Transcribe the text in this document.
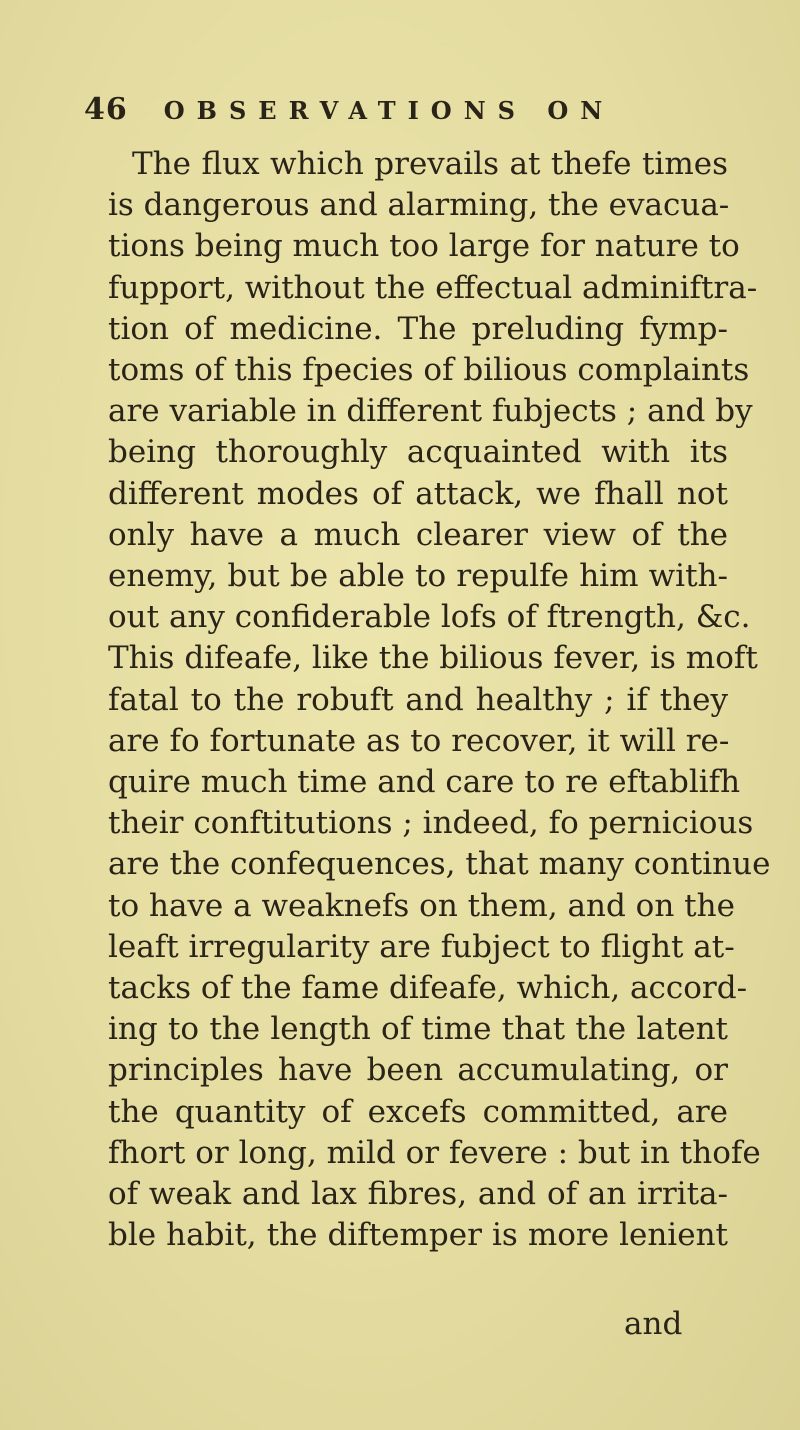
46 OBSERVATIONS ON

The flux which prevails at thefe times
is dangerous and alarming, the evacua-
tions being much too large for nature to
fupport, without the effectual adminiftra-
tion of medicine. The preluding fymp-
toms of this fpecies of bilious complaints
are variable in different fubjects ; and by
being thoroughly acquainted with its
different modes of attack, we fhall not
only have a much clearer view of the
enemy, but be able to repulfe him with-
out any confiderable lofs of ftrength, &c.
This difeafe, like the bilious fever, is moft
fatal to the robuft and healthy ; if they
are fo fortunate as to recover, it will re-
quire much time and care to re eftablifh
their conftitutions ; indeed, fo pernicious
are the confequences, that many continue
to have a weaknefs on them, and on the
leaft irregularity are fubject to flight at-
tacks of the fame difeafe, which, accord-
ing to the length of time that the latent
principles have been accumulating, or
the quantity of excefs committed, are
fhort or long, mild or fevere : but in thofe
of weak and lax fibres, and of an irrita-
ble habit, the diftemper is more lenient

and
